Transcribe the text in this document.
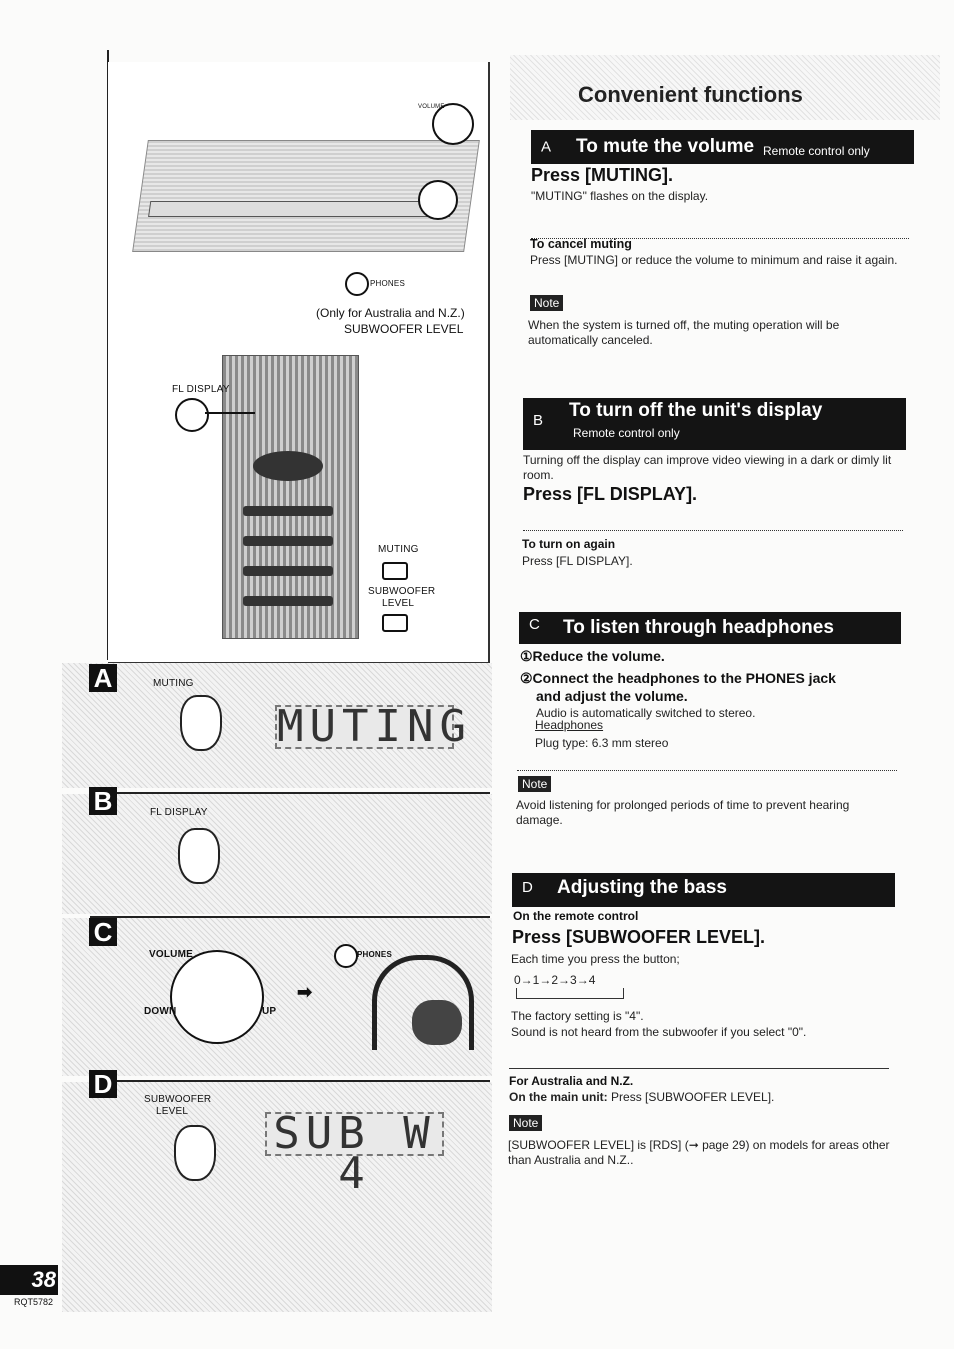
VOLUME
PHONES
(Only for Australia and N.Z.)
SUBWOOFER LEVEL
FL DISPLAY
MUTING
SUBWOOFER
LEVEL
A	MUTING
MUTING
B	FL DISPLAY
C
VOLUME
DOWN	UP
➡
PHONES
D
SUBWOOFER
LEVEL SUB W 4
Convenient functions
A To mute the volume Remote control only
Press [MUTING].
"MUTING" flashes on the display.
To cancel muting
Press [MUTING] or reduce the volume to minimum and raise it again.
Note
When the system is turned off, the muting operation will be automatically canceled.
B To turn off the unit's display
Remote control only
Turning off the display can improve video viewing in a dark or dimly lit room.
Press [FL DISPLAY].
To turn on again
Press [FL DISPLAY].
C To listen through headphones
①Reduce the volume.
②Connect the headphones to the PHONES jack
and adjust the volume.
Audio is automatically switched to stereo.
Headphones
Plug type: 6.3 mm stereo
Note
Avoid listening for prolonged periods of time to prevent hearing damage.
D Adjusting the bass
On the remote control
Press [SUBWOOFER LEVEL].
Each time you press the button;
0→1→2→3→4
The factory setting is "4".
Sound is not heard from the subwoofer if you select "0".
For Australia and N.Z.
On the main unit: Press [SUBWOOFER LEVEL].
Note
[SUBWOOFER LEVEL] is [RDS] (➞ page 29) on models for areas other than Australia and N.Z..
38
RQT5782
